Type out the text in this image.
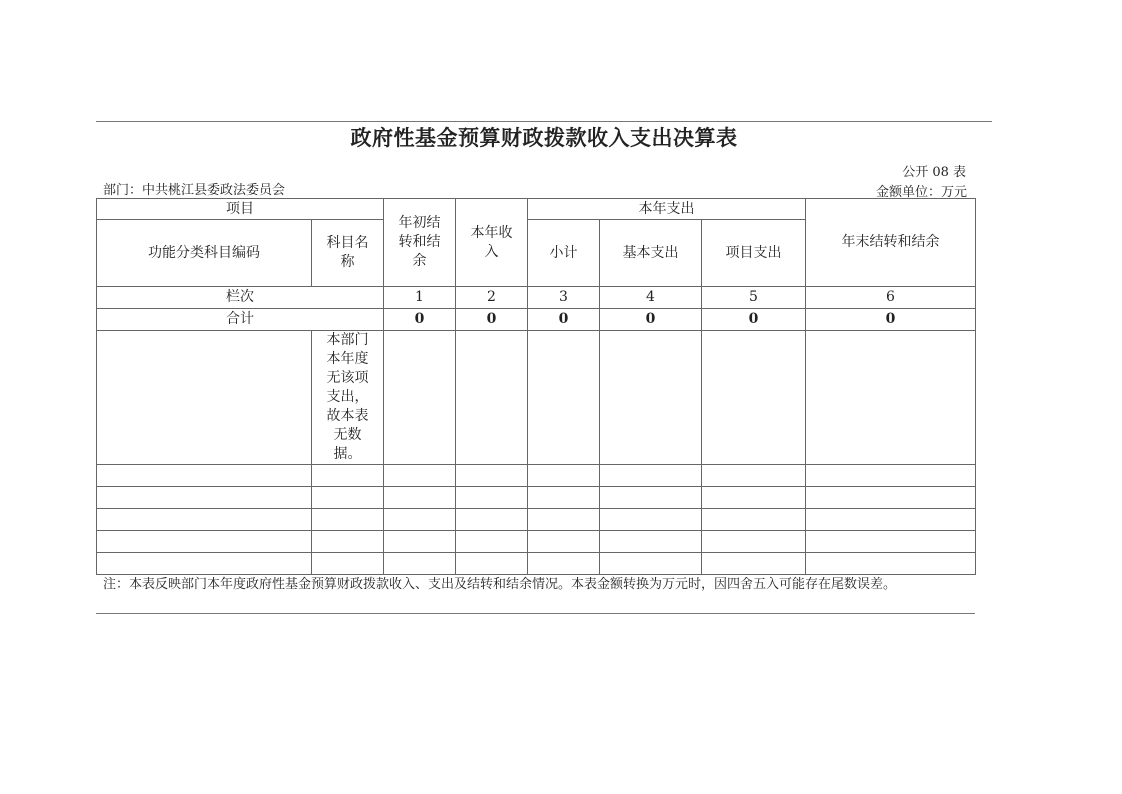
政府性基金预算财政拨款收入支出决算表
公开 08 表
部门：中共桃江县委政法委员会	金额单位：万元
项目		年初结转和结余	本年收入	本年支出			年末结转和结余
功能分类科目编码	科目名称			小计	基本支出	项目支出	
栏次		1	2	3	4	5	6
合计		0	0	0	0	0	0
	本部门本年度无该项支出，故本表无数据。						

注：本表反映部门本年度政府性基金预算财政拨款收入、支出及结转和结余情况。本表金额转换为万元时，因四舍五入可能存在尾数误差。
